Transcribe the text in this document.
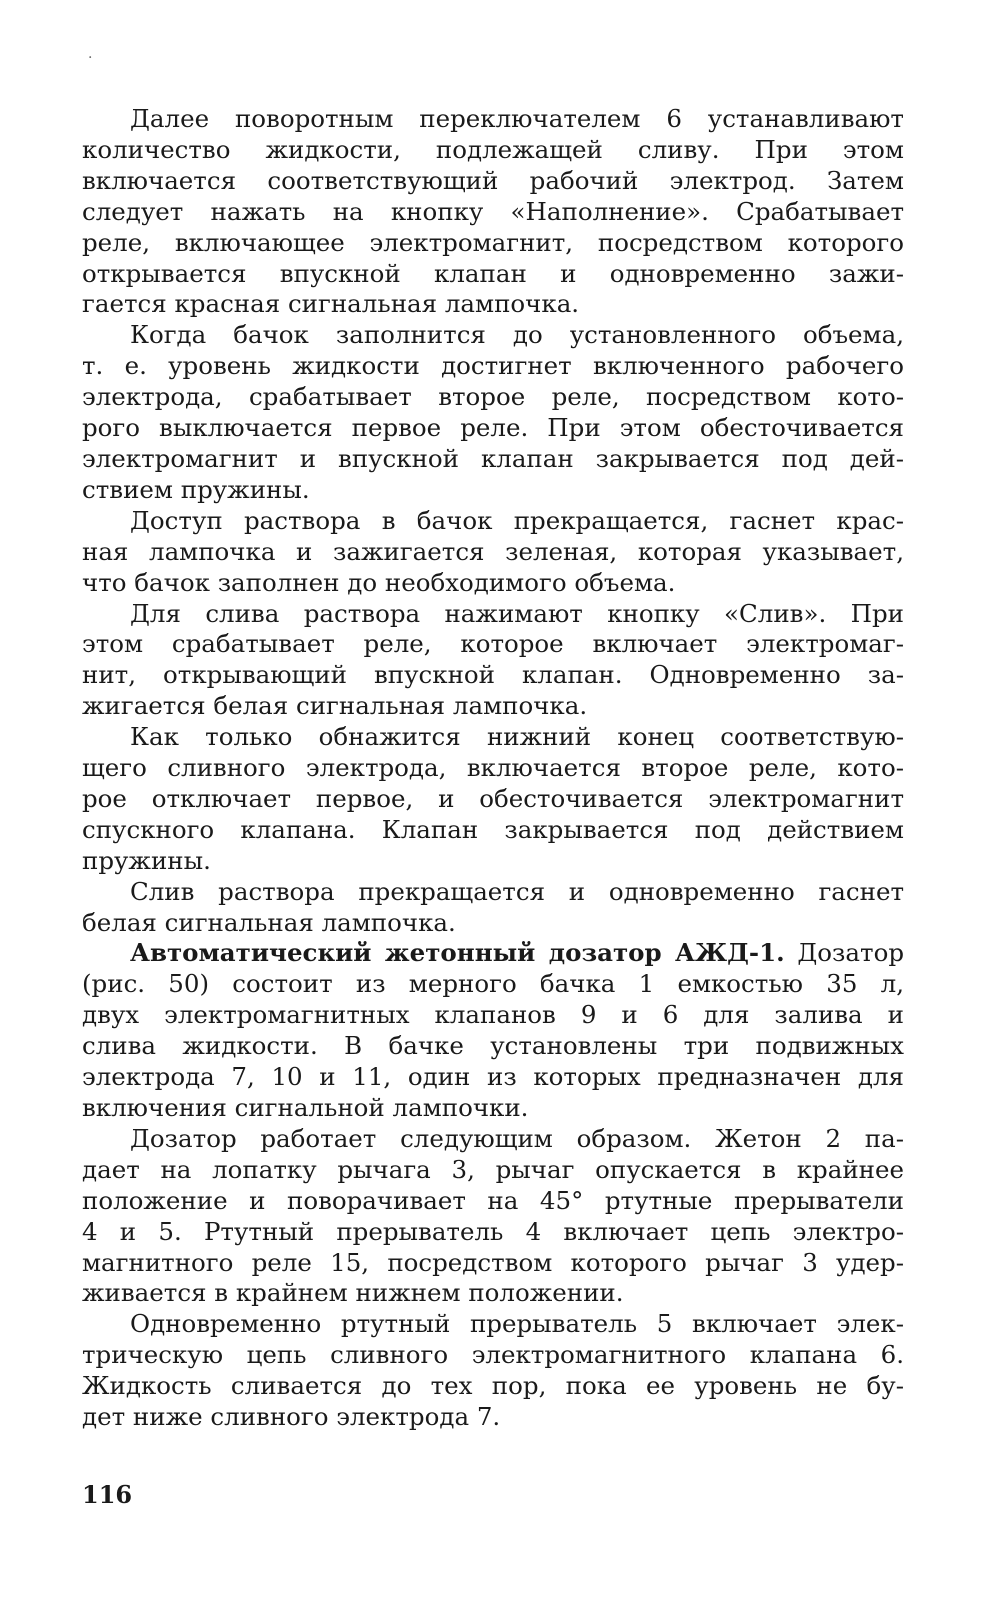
·

Далее поворотным переключателем 6 устанавливают
количество жидкости, подлежащей сливу. При этом
включается соответствующий рабочий электрод. Затем
следует нажать на кнопку «Наполнение». Срабатывает
реле, включающее электромагнит, посредством которого
открывается впускной клапан и одновременно зажи-
гается красная сигнальная лампочка.

Когда бачок заполнится до установленного объема,
т. е. уровень жидкости достигнет включенного рабочего
электрода, срабатывает второе реле, посредством кото-
рого выключается первое реле. При этом обесточивается
электромагнит и впускной клапан закрывается под дей-
ствием пружины.

Доступ раствора в бачок прекращается, гаснет крас-
ная лампочка и зажигается зеленая, которая указывает,
что бачок заполнен до необходимого объема.

Для слива раствора нажимают кнопку «Слив». При
этом срабатывает реле, которое включает электромаг-
нит, открывающий впускной клапан. Одновременно за-
жигается белая сигнальная лампочка.

Как только обнажится нижний конец соответствую-
щего сливного электрода, включается второе реле, кото-
рое отключает первое, и обесточивается электромагнит
спускного клапана. Клапан закрывается под действием
пружины.

Слив раствора прекращается и одновременно гаснет
белая сигнальная лампочка.

Автоматический жетонный дозатор АЖД-1. Дозатор
(рис. 50) состоит из мерного бачка 1 емкостью 35 л,
двух электромагнитных клапанов 9 и 6 для залива и
слива жидкости. В бачке установлены три подвижных
электрода 7, 10 и 11, один из которых предназначен для
включения сигнальной лампочки.

Дозатор работает следующим образом. Жетон 2 па-
дает на лопатку рычага 3, рычаг опускается в крайнее
положение и поворачивает на 45° ртутные прерыватели
4 и 5. Ртутный прерыватель 4 включает цепь электро-
магнитного реле 15, посредством которого рычаг 3 удер-
живается в крайнем нижнем положении.

Одновременно ртутный прерыватель 5 включает элек-
трическую цепь сливного электромагнитного клапана 6.
Жидкость сливается до тех пор, пока ее уровень не бу-
дет ниже сливного электрода 7.

116
